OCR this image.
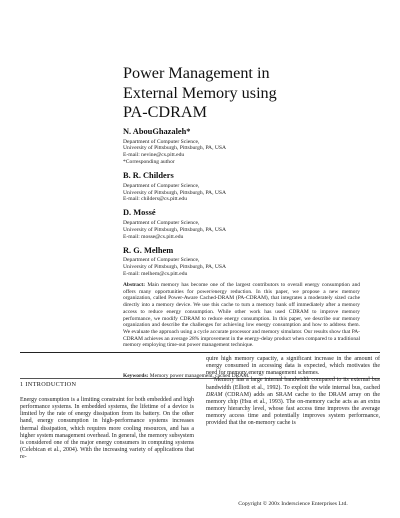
Power Management in
External Memory using
PA-CDRAM
N. AbouGhazaleh*
Department of Computer Science,
University of Pittsburgh, Pittsburgh, PA, USA
E-mail: nevine@cs.pitt.edu
*Corresponding author
B. R. Childers
Department of Computer Science,
University of Pittsburgh, Pittsburgh, PA, USA
E-mail: childers@cs.pitt.edu
D. Mossé
Department of Computer Science,
University of Pittsburgh, Pittsburgh, PA, USA
E-mail: mosse@cs.pitt.edu
R. G. Melhem
Department of Computer Science,
University of Pittsburgh, Pittsburgh, PA, USA
E-mail: melhem@cs.pitt.edu
Abstract: Main memory has become one of the largest contributors to overall energy consumption and offers many opportunities for power/energy reduction. In this paper, we propose a new memory organization, called Power-Aware Cached-DRAM (PA-CDRAM), that integrates a moderately sized cache directly into a memory device. We use this cache to turn a memory bank off immediately after a memory access to reduce energy consumption. While other work has used CDRAM to improve memory performance, we modify CDRAM to reduce energy consumption. In this paper, we describe our memory organization and describe the challenges for achieving low energy consumption and how to address them. We evaluate the approach using a cycle accurate processor and memory simulator. Our results show that PA-CDRAM achieves an average 28% improvement in the energy-delay product when compared to a traditional memory employing time-out power management technique.
Keywords: Memory power management, cached DRAM.
1 INTRODUCTION

Energy consumption is a limiting constraint for both embedded and high performance systems. In embedded systems, the lifetime of a device is limited by the rate of energy dissipation from its battery. On the other hand, energy consumption in high-performance systems increases thermal dissipation, which requires more cooling resources, and has a higher system management overhead. In general, the memory subsystem is considered one of the major energy consumers in computing systems (Celebican et al., 2004). With the increasing variety of applications that re-

quire high memory capacity, a significant increase in the amount of energy consumed in accessing data is expected, which motivates the need for memory energy management schemes.

Memory has a large internal bandwidth compared to its external bus bandwidth (Elliott et al., 1992). To exploit the wide internal bus, cached DRAM (CDRAM) adds an SRAM cache to the DRAM array on the memory chip (Hsu et al., 1993). The on-memory cache acts as an extra memory hierarchy level, whose fast access time improves the average memory access time and potentially improves system performance, provided that the on-memory cache is

Copyright © 200x Inderscience Enterprises Ltd.
